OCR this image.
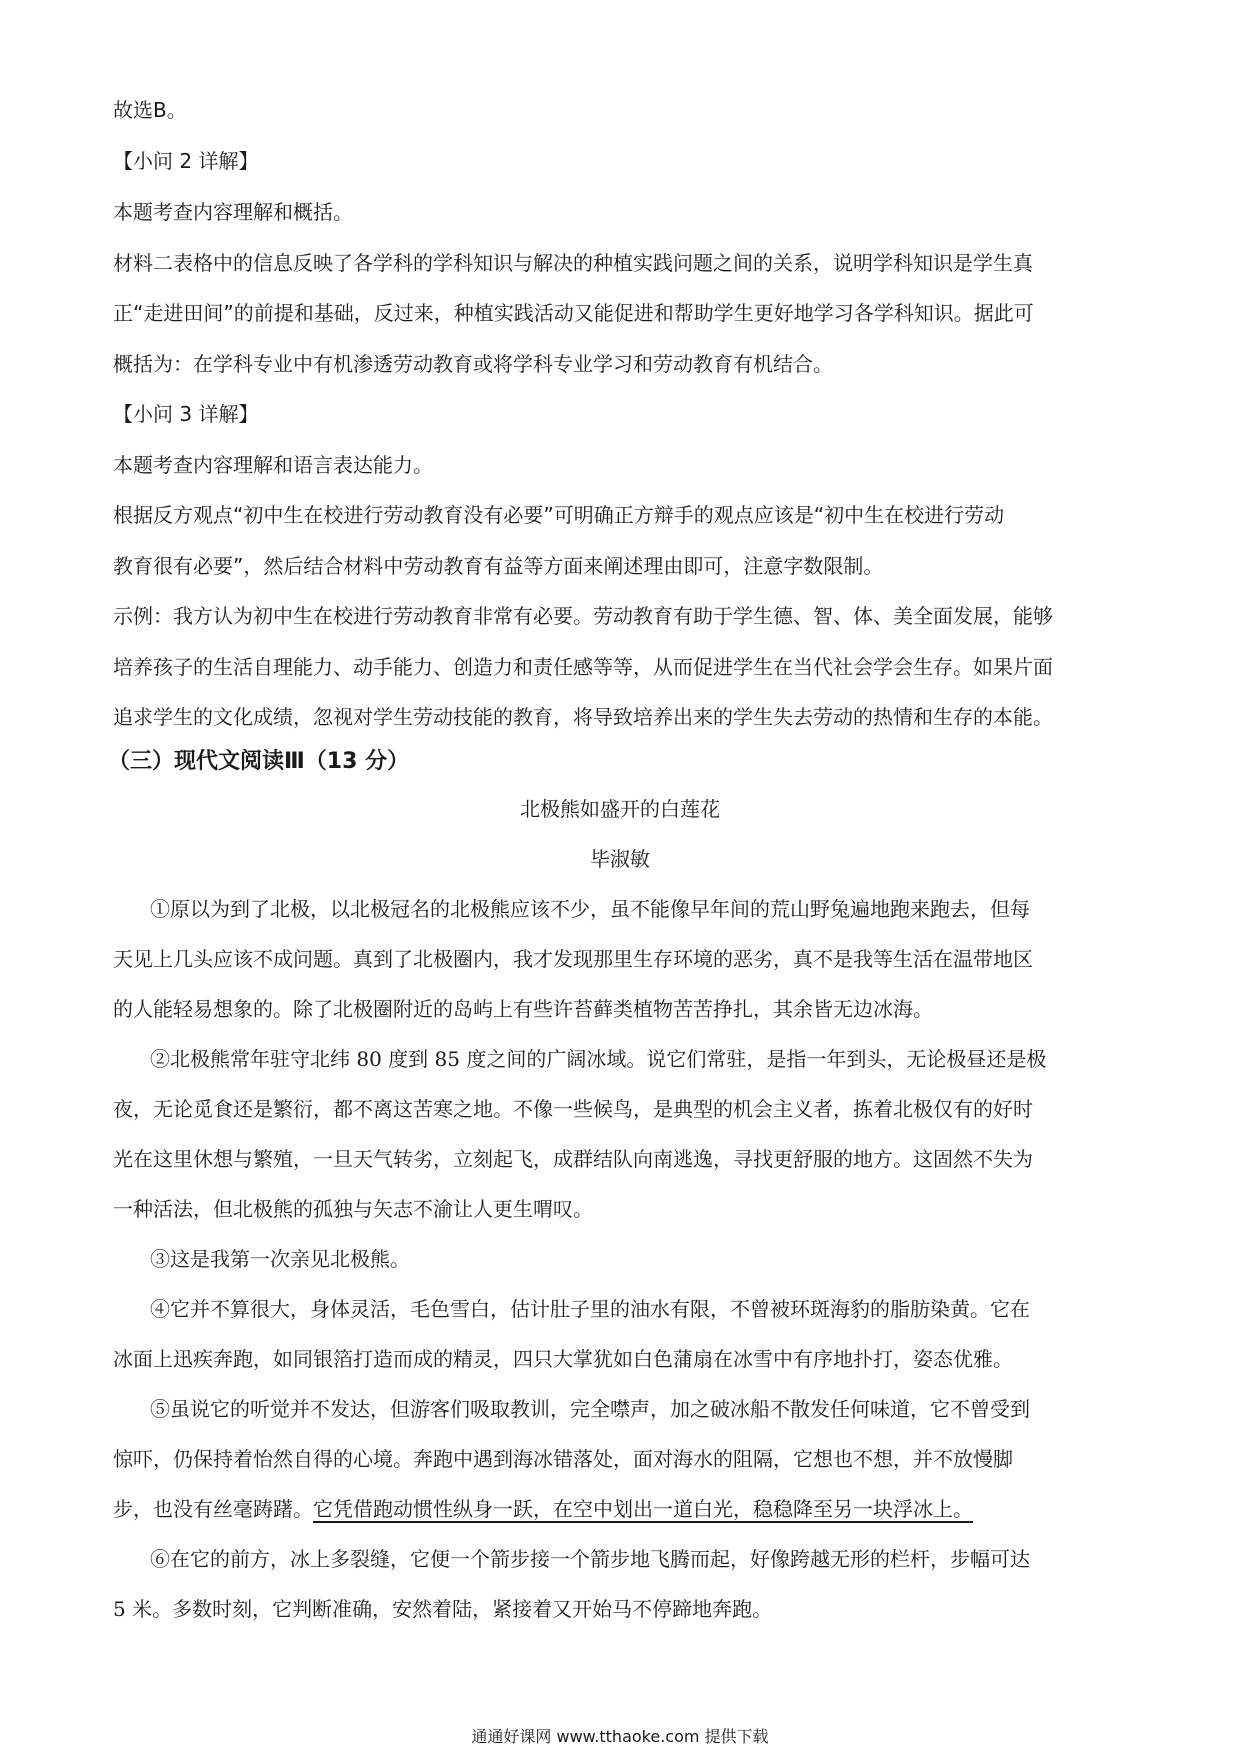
故选B。
【小问 2 详解】
本题考查内容理解和概括。
材料二表格中的信息反映了各学科的学科知识与解决的种植实践问题之间的关系，说明学科知识是学生真
正“走进田间”的前提和基础，反过来，种植实践活动又能促进和帮助学生更好地学习各学科知识。据此可
概括为：在学科专业中有机渗透劳动教育或将学科专业学习和劳动教育有机结合。
【小问 3 详解】
本题考查内容理解和语言表达能力。
根据反方观点“初中生在校进行劳动教育没有必要”可明确正方辩手的观点应该是“初中生在校进行劳动
教育很有必要”，然后结合材料中劳动教育有益等方面来阐述理由即可，注意字数限制。
示例：我方认为初中生在校进行劳动教育非常有必要。劳动教育有助于学生德、智、体、美全面发展，能够
培养孩子的生活自理能力、动手能力、创造力和责任感等等，从而促进学生在当代社会学会生存。如果片面
追求学生的文化成绩，忽视对学生劳动技能的教育，将导致培养出来的学生失去劳动的热情和生存的本能。
（三）现代文阅读Ⅲ（13 分）
北极熊如盛开的白莲花
毕淑敏
①原以为到了北极，以北极冠名的北极熊应该不少，虽不能像早年间的荒山野兔遍地跑来跑去，但每
天见上几头应该不成问题。真到了北极圈内，我才发现那里生存环境的恶劣，真不是我等生活在温带地区
的人能轻易想象的。除了北极圈附近的岛屿上有些许苔藓类植物苦苦挣扎，其余皆无边冰海。
②北极熊常年驻守北纬 80 度到 85 度之间的广阔冰域。说它们常驻，是指一年到头，无论极昼还是极
夜，无论觅食还是繁衍，都不离这苦寒之地。不像一些候鸟，是典型的机会主义者，拣着北极仅有的好时
光在这里休想与繁殖，一旦天气转劣，立刻起飞，成群结队向南逃逸，寻找更舒服的地方。这固然不失为
一种活法，但北极熊的孤独与矢志不渝让人更生喟叹。
③这是我第一次亲见北极熊。
④它并不算很大，身体灵活，毛色雪白，估计肚子里的油水有限，不曾被环斑海豹的脂肪染黄。它在
冰面上迅疾奔跑，如同银箔打造而成的精灵，四只大掌犹如白色蒲扇在冰雪中有序地扑打，姿态优雅。
⑤虽说它的听觉并不发达，但游客们吸取教训，完全噤声，加之破冰船不散发任何味道，它不曾受到
惊吓，仍保持着怡然自得的心境。奔跑中遇到海冰错落处，面对海水的阻隔，它想也不想，并不放慢脚
步，也没有丝毫踌躇。它凭借跑动惯性纵身一跃，在空中划出一道白光，稳稳降至另一块浮冰上。
⑥在它的前方，冰上多裂缝，它便一个箭步接一个箭步地飞腾而起，好像跨越无形的栏杆，步幅可达
5 米。多数时刻，它判断准确，安然着陆，紧接着又开始马不停蹄地奔跑。
通通好课网 www.tthaoke.com 提供下载
